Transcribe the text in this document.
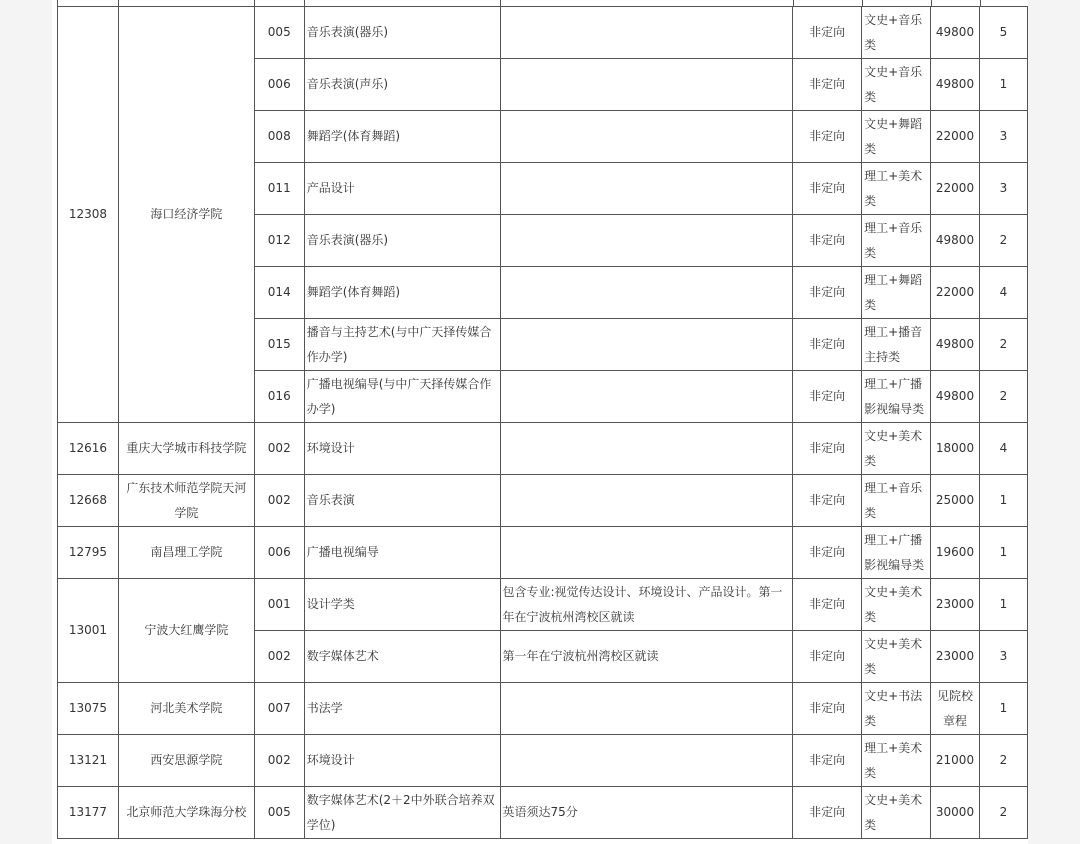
12308	海口经济学院	005	音乐表演(器乐)		非定向	文史+音乐类	49800	5
		006	音乐表演(声乐)		非定向	文史+音乐类	49800	1
		008	舞蹈学(体育舞蹈)		非定向	文史+舞蹈类	22000	3
		011	产品设计		非定向	理工+美术类	22000	3
		012	音乐表演(器乐)		非定向	理工+音乐类	49800	2
		014	舞蹈学(体育舞蹈)		非定向	理工+舞蹈类	22000	4
		015	播音与主持艺术(与中广天择传媒合作办学)		非定向	理工+播音主持类	49800	2
		016	广播电视编导(与中广天择传媒合作办学)		非定向	理工+广播影视编导类	49800	2
12616	重庆大学城市科技学院	002	环境设计		非定向	文史+美术类	18000	4
12668	广东技术师范学院天河学院	002	音乐表演		非定向	理工+音乐类	25000	1
12795	南昌理工学院	006	广播电视编导		非定向	理工+广播影视编导类	19600	1
13001	宁波大红鹰学院	001	设计学类	包含专业:视觉传达设计、环境设计、产品设计。第一年在宁波杭州湾校区就读	非定向	文史+美术类	23000	1
		002	数字媒体艺术	第一年在宁波杭州湾校区就读	非定向	文史+美术类	23000	3
13075	河北美术学院	007	书法学		非定向	文史+书法类	见院校章程	1
13121	西安思源学院	002	环境设计		非定向	理工+美术类	21000	2
13177	北京师范大学珠海分校	005	数字媒体艺术(2＋2中外联合培养双学位)	英语须达75分	非定向	文史+美术类	30000	2
